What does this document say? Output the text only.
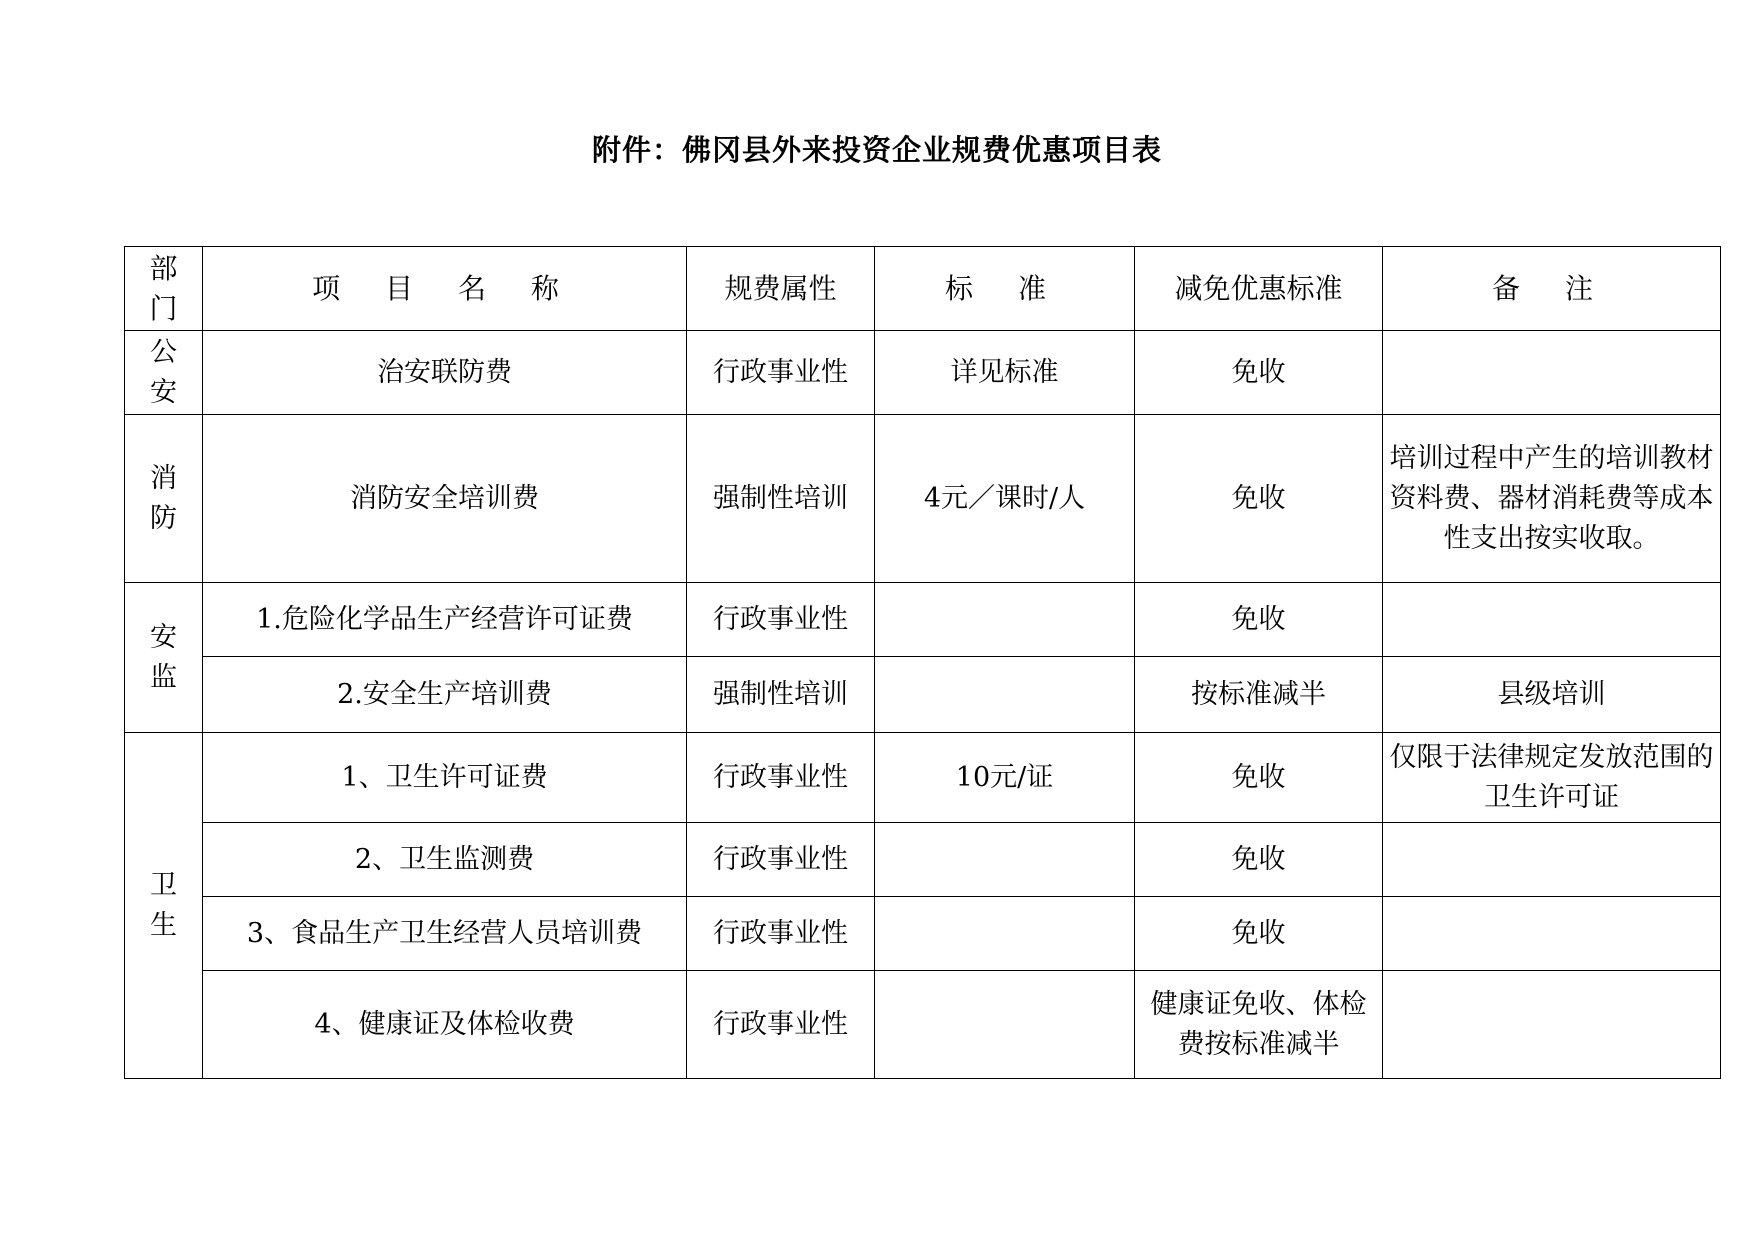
附件：佛冈县外来投资企业规费优惠项目表
部门	项 目 名 称	规费属性	标 准	减免优惠标准	备 注

公安	治安联防费	行政事业性	详见标准	免收	

消防	消防安全培训费	强制性培训	4元／课时/人	免收	培训过程中产生的培训教材资料费、器材消耗费等成本性支出按实收取。

安监	1.危险化学品生产经营许可证费	行政事业性		免收	
	2.安全生产培训费	强制性培训		按标准减半	县级培训

卫生	1、卫生许可证费	行政事业性	10元/证	免收	仅限于法律规定发放范围的卫生许可证
	2、卫生监测费	行政事业性		免收	
	3、食品生产卫生经营人员培训费	行政事业性		免收	
	4、健康证及体检收费	行政事业性		健康证免收、体检费按标准减半	
